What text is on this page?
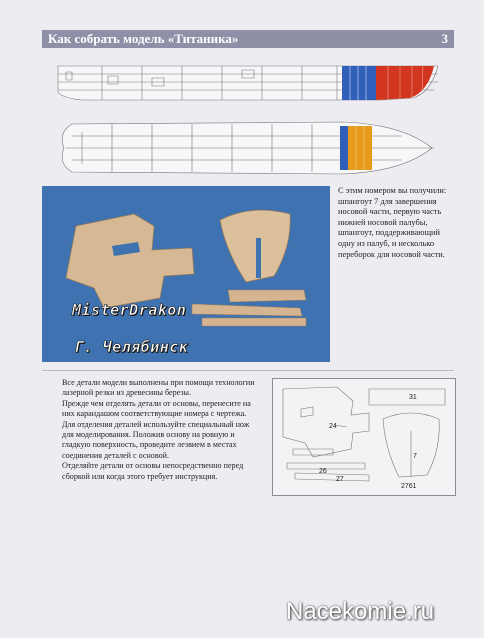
Как собрать модель «Титаника»	3
MisterDrakon
Г. Челябинск
С этим номером вы получили: шпангоут 7 для завершения носовой части, первую часть нижней носовой палубы, шпангоут, поддерживающий одну из палуб, и несколько переборок для носовой части.

Все детали модели выполнены при помощи технологии лазерной резки из древесины березы.

Прежде чем отделять детали от основы, перенесите на них карандашом соответствующие номера с чертежа.

Для отделения деталей используйте специальный нож для моделирования. Положив основу на ровную и гладкую поверхность, проведите лезвием в местах соединения деталей с основой.

Отделяйте детали от основы непосредственно перед сборкой или когда этого требует инструкция.

31
24
7
26
27
2761
Nacekomie.ru
